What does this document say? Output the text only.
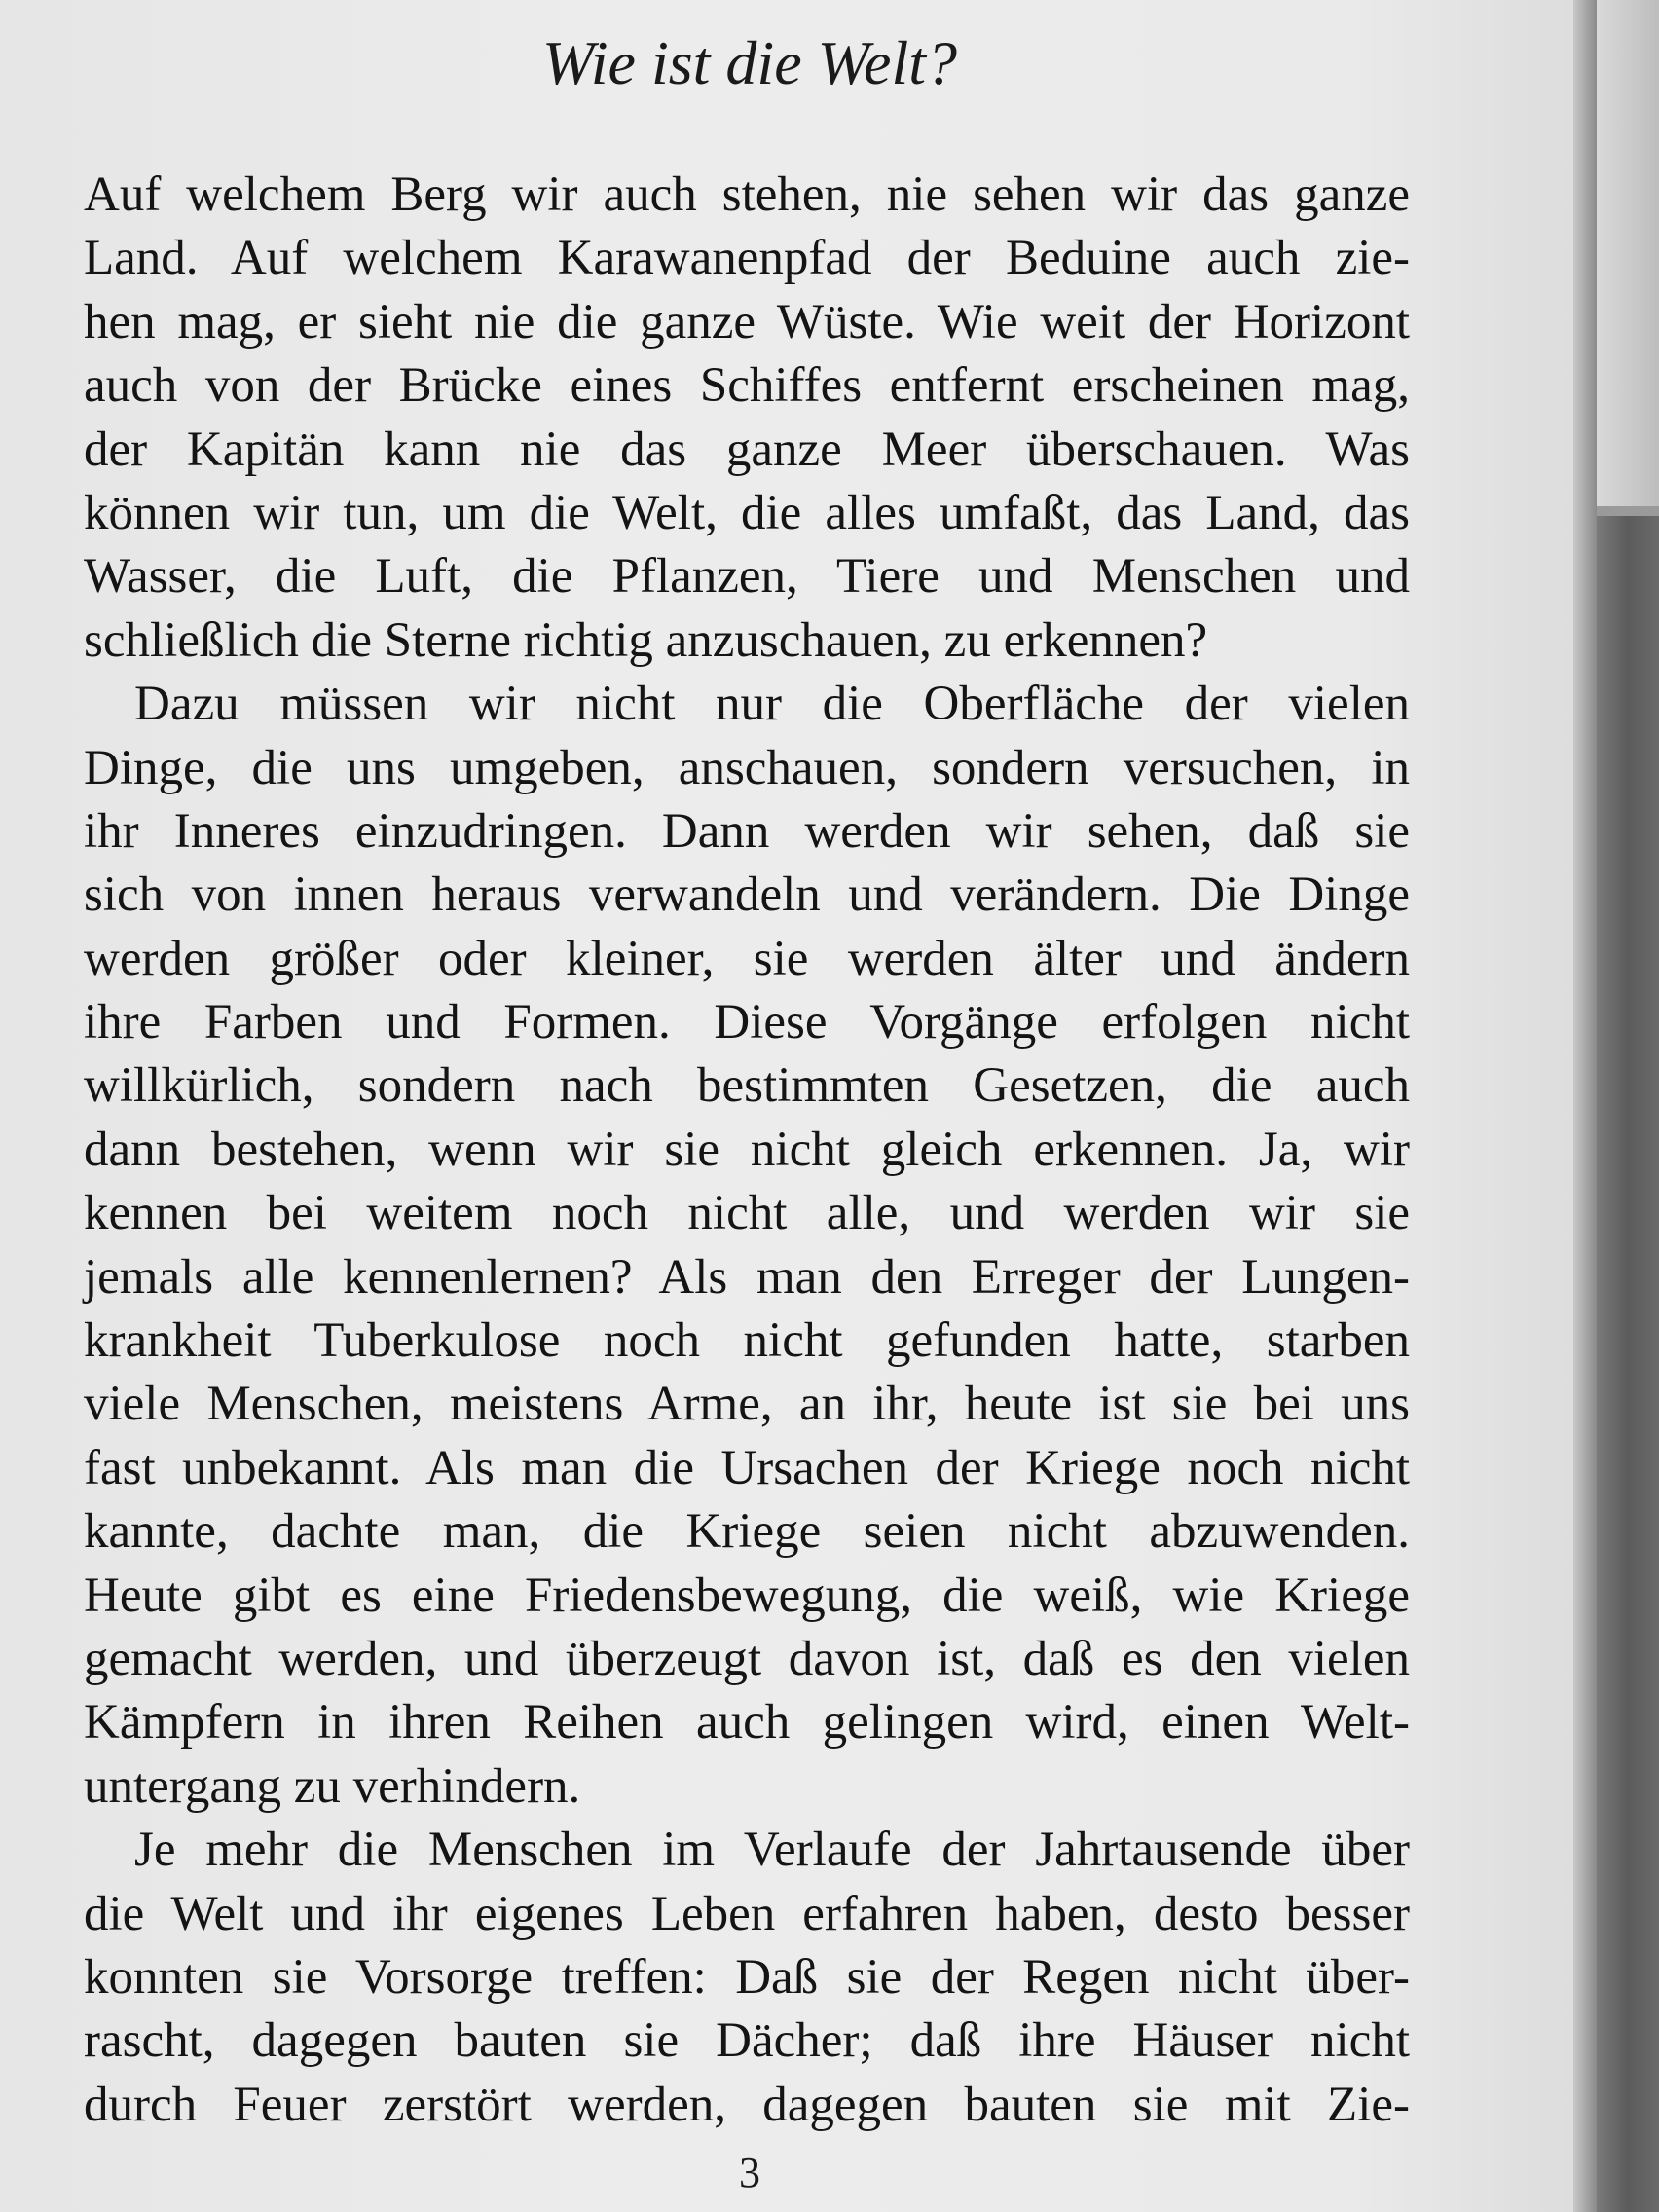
Wie ist die Welt?
Auf welchem Berg wir auch stehen, nie sehen wir das ganze
Land. Auf welchem Karawanenpfad der Beduine auch zie-
hen mag, er sieht nie die ganze Wüste. Wie weit der Horizont
auch von der Brücke eines Schiffes entfernt erscheinen mag,
der Kapitän kann nie das ganze Meer überschauen. Was
können wir tun, um die Welt, die alles umfaßt, das Land, das
Wasser, die Luft, die Pflanzen, Tiere und Menschen und
schließlich die Sterne richtig anzuschauen, zu erkennen?
Dazu müssen wir nicht nur die Oberfläche der vielen
Dinge, die uns umgeben, anschauen, sondern versuchen, in
ihr Inneres einzudringen. Dann werden wir sehen, daß sie
sich von innen heraus verwandeln und verändern. Die Dinge
werden größer oder kleiner, sie werden älter und ändern
ihre Farben und Formen. Diese Vorgänge erfolgen nicht
willkürlich, sondern nach bestimmten Gesetzen, die auch
dann bestehen, wenn wir sie nicht gleich erkennen. Ja, wir
kennen bei weitem noch nicht alle, und werden wir sie
jemals alle kennenlernen? Als man den Erreger der Lungen-
krankheit Tuberkulose noch nicht gefunden hatte, starben
viele Menschen, meistens Arme, an ihr, heute ist sie bei uns
fast unbekannt. Als man die Ursachen der Kriege noch nicht
kannte, dachte man, die Kriege seien nicht abzuwenden.
Heute gibt es eine Friedensbewegung, die weiß, wie Kriege
gemacht werden, und überzeugt davon ist, daß es den vielen
Kämpfern in ihren Reihen auch gelingen wird, einen Welt-
untergang zu verhindern.
Je mehr die Menschen im Verlaufe der Jahrtausende über
die Welt und ihr eigenes Leben erfahren haben, desto besser
konnten sie Vorsorge treffen: Daß sie der Regen nicht über-
rascht, dagegen bauten sie Dächer; daß ihre Häuser nicht
durch Feuer zerstört werden, dagegen bauten sie mit Zie-
3
